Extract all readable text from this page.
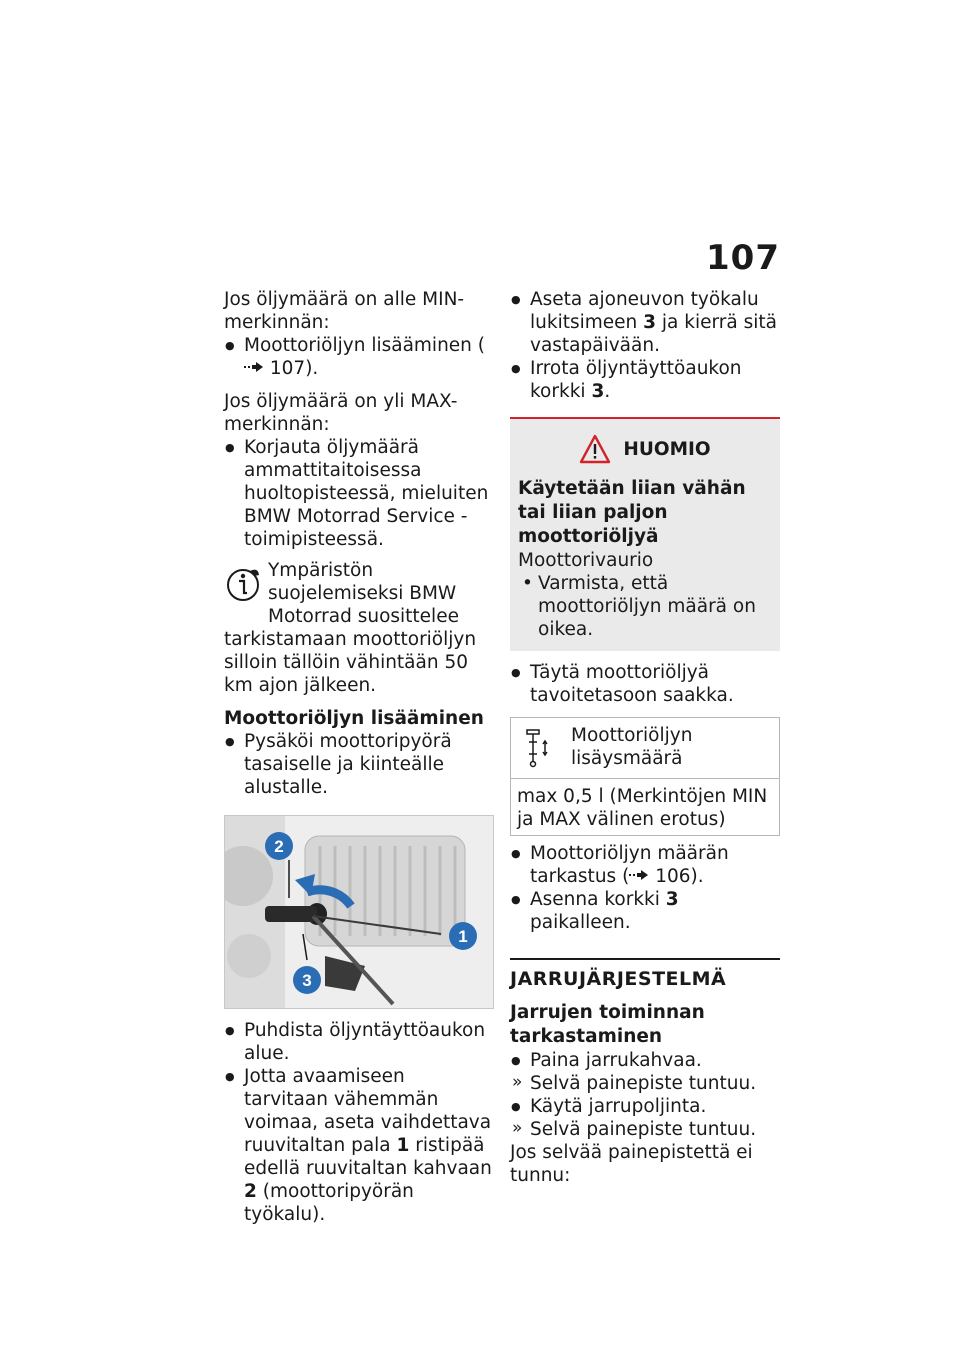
107

Jos öljymäärä on alle MIN-merkinnän:

● Moottoriöljyn lisääminen ( 107).

Jos öljymäärä on yli MAX-merkinnän:

● Korjauta öljymäärä ammattitaitoisessa huoltopisteessä, mieluiten BMW Motorrad Service -toimipisteessä.

Ympäristön suojelemiseksi BMW Motorrad suosittelee

tarkistamaan moottoriöljyn silloin tällöin vähintään 50 km ajon jälkeen.

Moottoriöljyn lisääminen

● Pysäköi moottoripyörä tasaiselle ja kiinteälle alustalle.

2
1
3

● Puhdista öljyntäyttöaukon alue.

● Jotta avaamiseen tarvitaan vähemmän voimaa, aseta vaihdettava ruuvitaltan pala 1 ristipää edellä ruuvitaltan kahvaan 2 (moottoripyörän työkalu).

● Aseta ajoneuvon työkalu lukitsimeen 3 ja kierrä sitä vastapäivään.

● Irrota öljyntäyttöaukon korkki 3.

HUOMIO

Käytetään liian vähän tai liian paljon moottoriöljyä

Moottorivaurio

• Varmista, että moottoriöljyn määrä on oikea.

● Täytä moottoriöljyä tavoitetasoon saakka.

Moottoriöljyn lisäysmäärä
max 0,5 l (Merkintöjen MIN ja MAX välinen erotus)

● Moottoriöljyn määrän tarkastus ( 106).

● Asenna korkki 3 paikalleen.

JARRUJÄRJESTELMÄ

Jarrujen toiminnan tarkastaminen

● Paina jarrukahvaa.

» Selvä painepiste tuntuu.

● Käytä jarrupoljinta.

» Selvä painepiste tuntuu.

Jos selvää painepistettä ei tunnu:
